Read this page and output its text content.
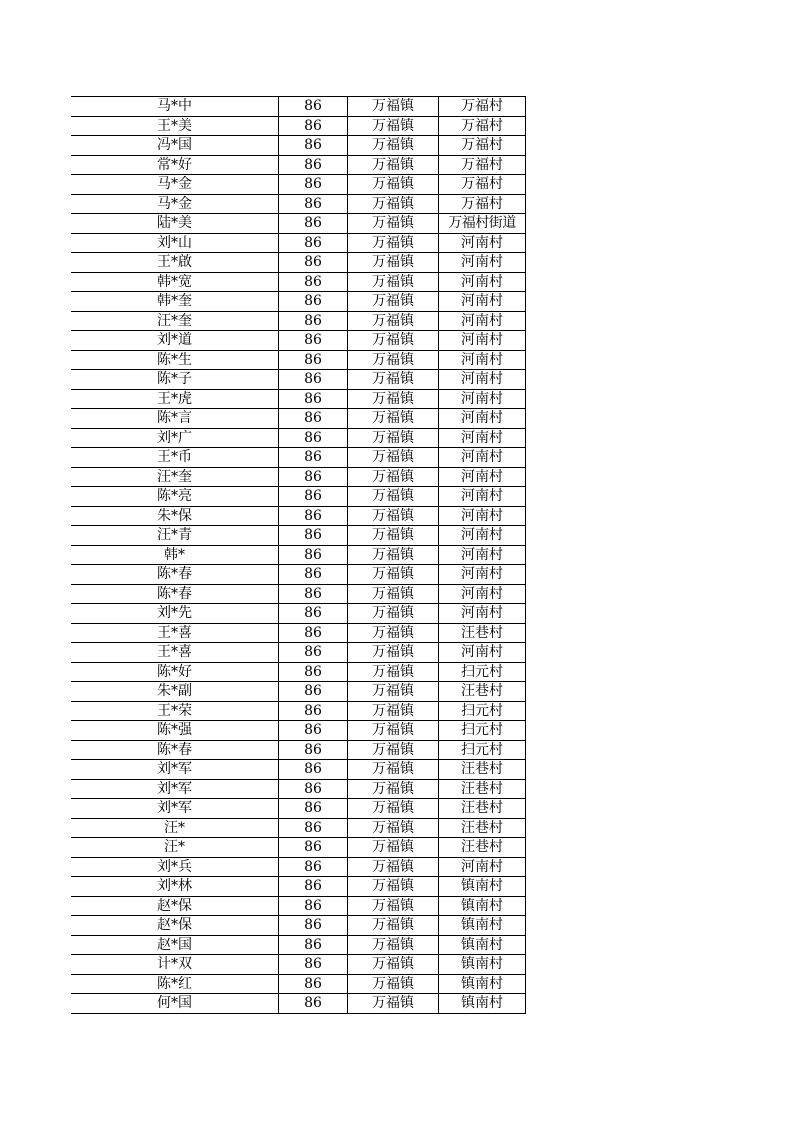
马*中	86	万福镇	万福村
王*美	86	万福镇	万福村
冯*国	86	万福镇	万福村
常*好	86	万福镇	万福村
马*金	86	万福镇	万福村
马*金	86	万福镇	万福村
陆*美	86	万福镇	万福村街道
刘*山	86	万福镇	河南村
王*啟	86	万福镇	河南村
韩*宽	86	万福镇	河南村
韩*奎	86	万福镇	河南村
汪*奎	86	万福镇	河南村
刘*道	86	万福镇	河南村
陈*生	86	万福镇	河南村
陈*子	86	万福镇	河南村
王*虎	86	万福镇	河南村
陈*言	86	万福镇	河南村
刘*广	86	万福镇	河南村
王*币	86	万福镇	河南村
汪*奎	86	万福镇	河南村
陈*亮	86	万福镇	河南村
朱*保	86	万福镇	河南村
汪*青	86	万福镇	河南村
韩*	86	万福镇	河南村
陈*春	86	万福镇	河南村
陈*春	86	万福镇	河南村
刘*先	86	万福镇	河南村
王*喜	86	万福镇	汪巷村
王*喜	86	万福镇	河南村
陈*好	86	万福镇	扫元村
朱*副	86	万福镇	汪巷村
王*荣	86	万福镇	扫元村
陈*强	86	万福镇	扫元村
陈*春	86	万福镇	扫元村
刘*军	86	万福镇	汪巷村
刘*军	86	万福镇	汪巷村
刘*军	86	万福镇	汪巷村
汪*	86	万福镇	汪巷村
汪*	86	万福镇	汪巷村
刘*兵	86	万福镇	河南村
刘*林	86	万福镇	镇南村
赵*保	86	万福镇	镇南村
赵*保	86	万福镇	镇南村
赵*国	86	万福镇	镇南村
计*双	86	万福镇	镇南村
陈*红	86	万福镇	镇南村
何*国	86	万福镇	镇南村
